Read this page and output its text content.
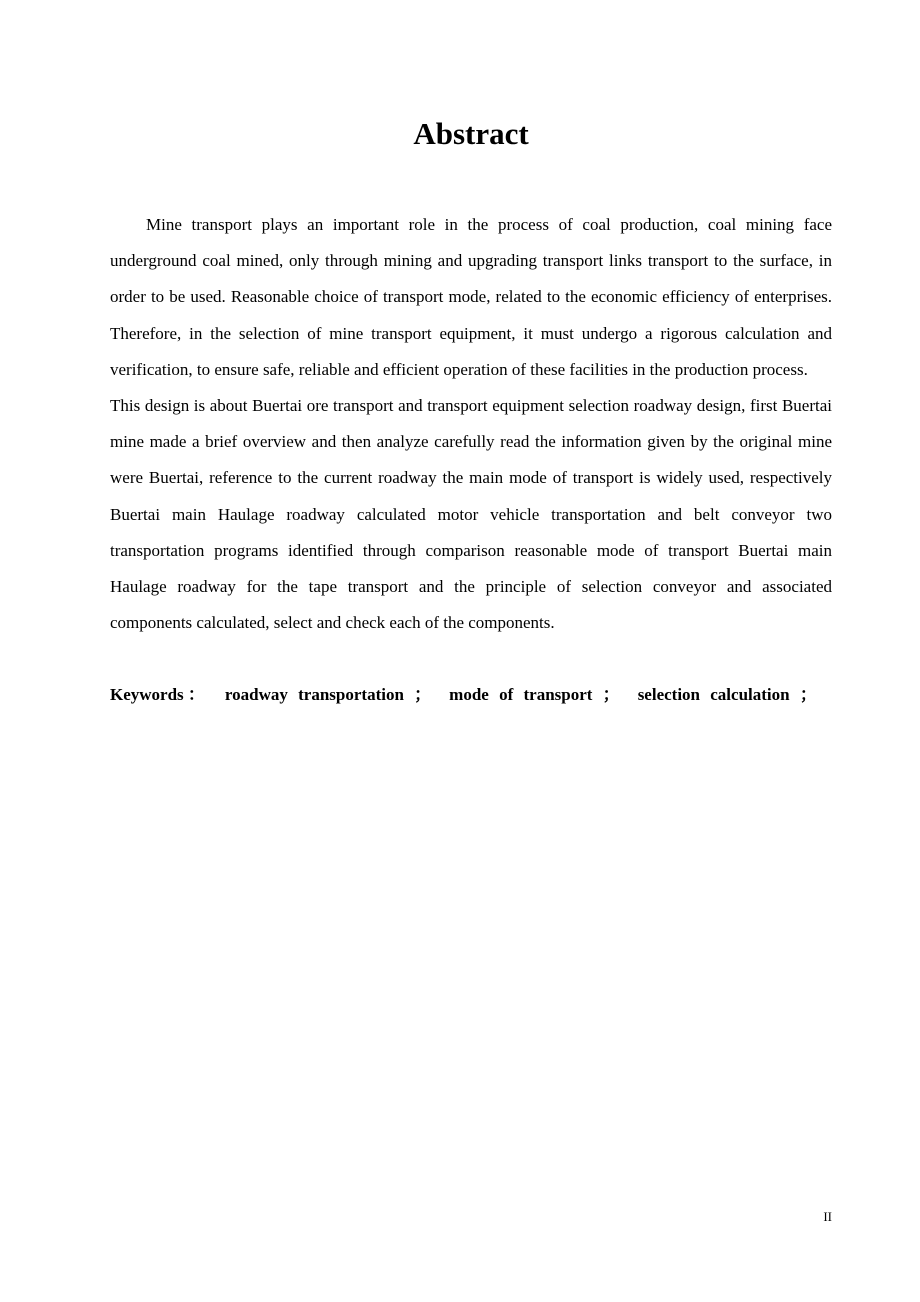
Abstract

Mine transport plays an important role in the process of coal production, coal mining face underground coal mined, only through mining and upgrading transport links transport to the surface, in order to be used. Reasonable choice of transport mode, related to the economic efficiency of enterprises. Therefore, in the selection of mine transport equipment, it must undergo a rigorous calculation and verification, to ensure safe, reliable and efficient operation of these facilities in the production process.

This design is about Buertai ore transport and transport equipment selection roadway design, first Buertai mine made a brief overview and then analyze carefully read the information given by the original mine were Buertai, reference to the current roadway the main mode of transport is widely used, respectively Buertai main Haulage roadway calculated motor vehicle transportation and belt conveyor two transportation programs identified through comparison reasonable mode of transport Buertai main Haulage roadway for the tape transport and the principle of selection conveyor and associated components calculated, select and check each of the components.

Keywords ： roadway transportation ； mode of transport ； selection calculation ；
II
